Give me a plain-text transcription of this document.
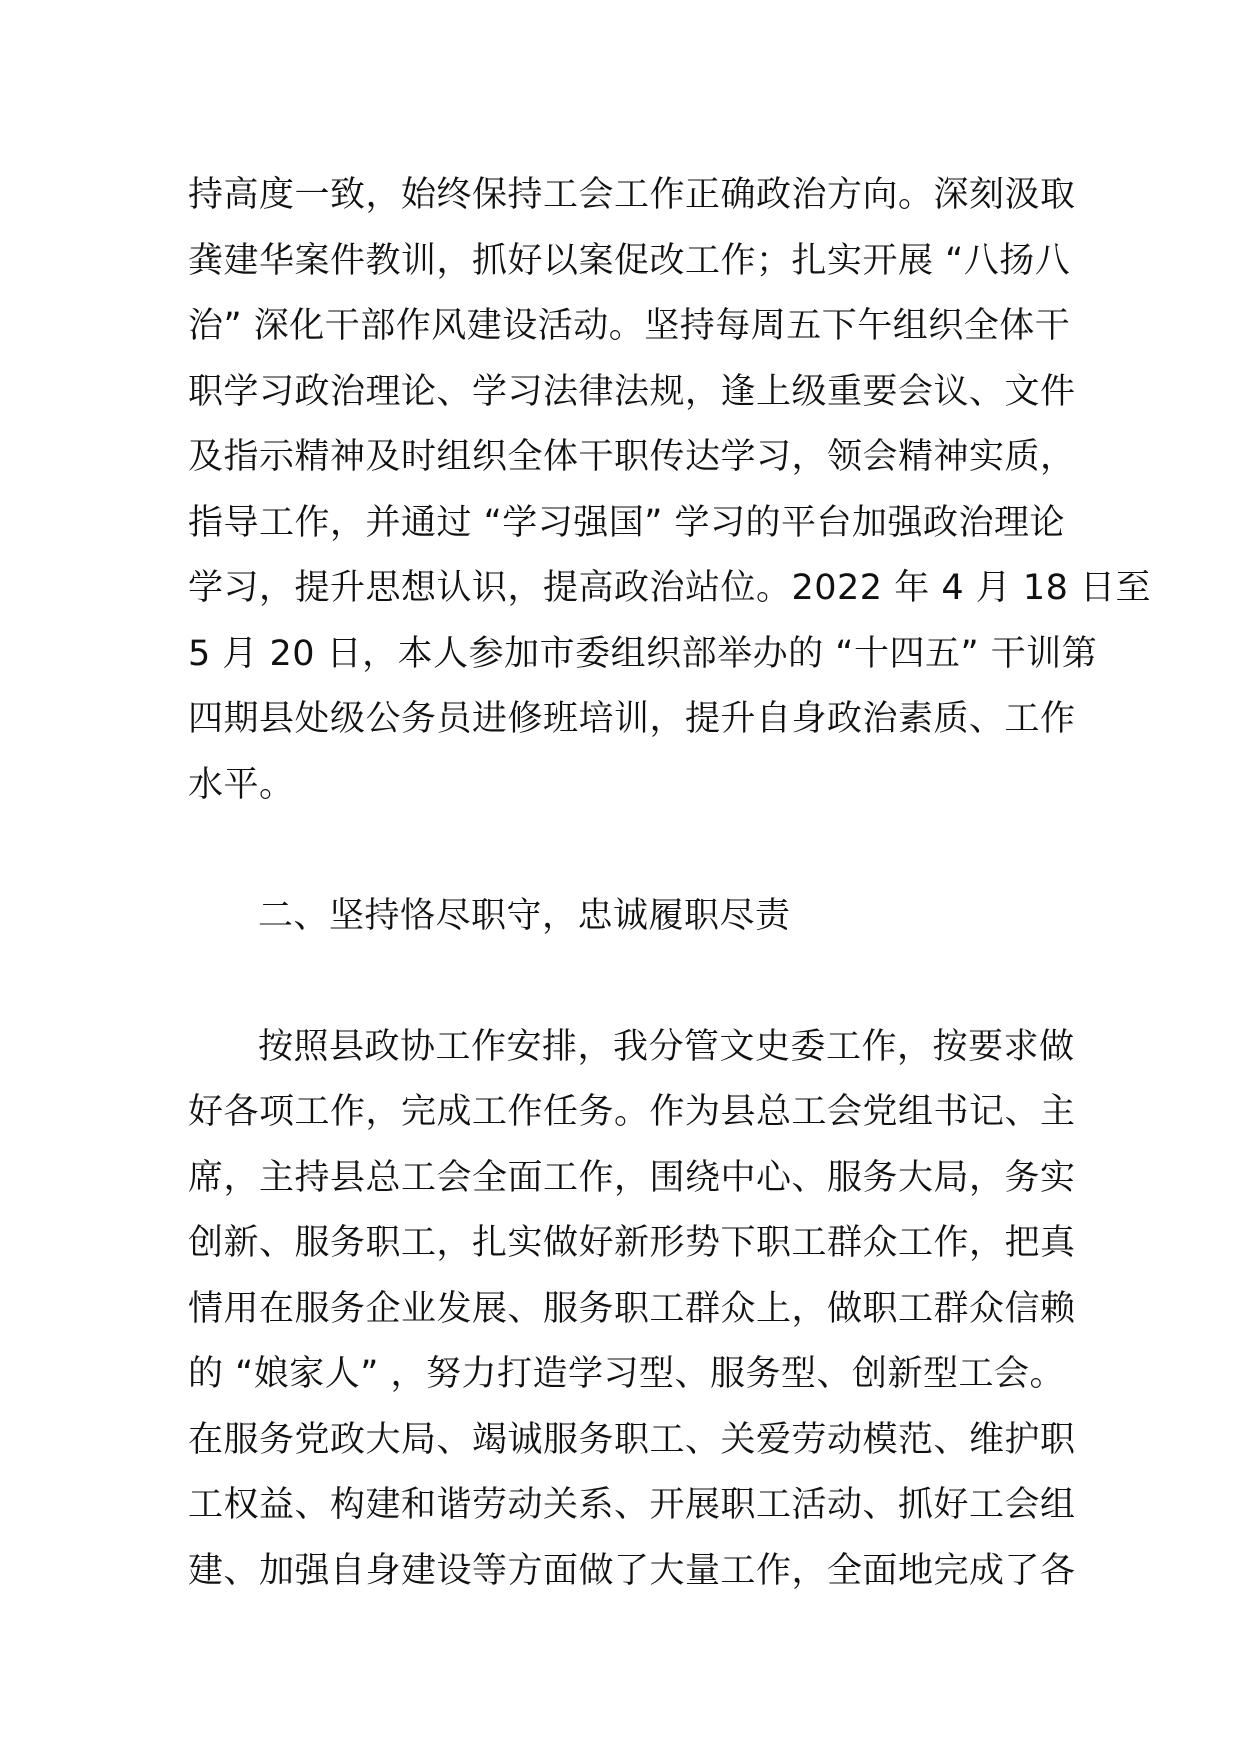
持高度一致，始终保持工会工作正确政治方向。深刻汲取
龚建华案件教训，抓好以案促改工作；扎实开展 “八扬八
治” 深化干部作风建设活动。坚持每周五下午组织全体干
职学习政治理论、学习法律法规，逢上级重要会议、文件
及指示精神及时组织全体干职传达学习，领会精神实质，
指导工作，并通过 “学习强国” 学习的平台加强政治理论
学习，提升思想认识，提高政治站位。2022 年 4 月 18 日至
5 月 20 日，本人参加市委组织部举办的 “十四五” 干训第
四期县处级公务员进修班培训，提升自身政治素质、工作
水平。
二、坚持恪尽职守，忠诚履职尽责
按照县政协工作安排，我分管文史委工作，按要求做
好各项工作，完成工作任务。作为县总工会党组书记、主
席，主持县总工会全面工作，围绕中心、服务大局，务实
创新、服务职工，扎实做好新形势下职工群众工作，把真
情用在服务企业发展、服务职工群众上，做职工群众信赖
的 “娘家人” ，努力打造学习型、服务型、创新型工会。
在服务党政大局、竭诚服务职工、关爱劳动模范、维护职
工权益、构建和谐劳动关系、开展职工活动、抓好工会组
建、加强自身建设等方面做了大量工作，全面地完成了各
